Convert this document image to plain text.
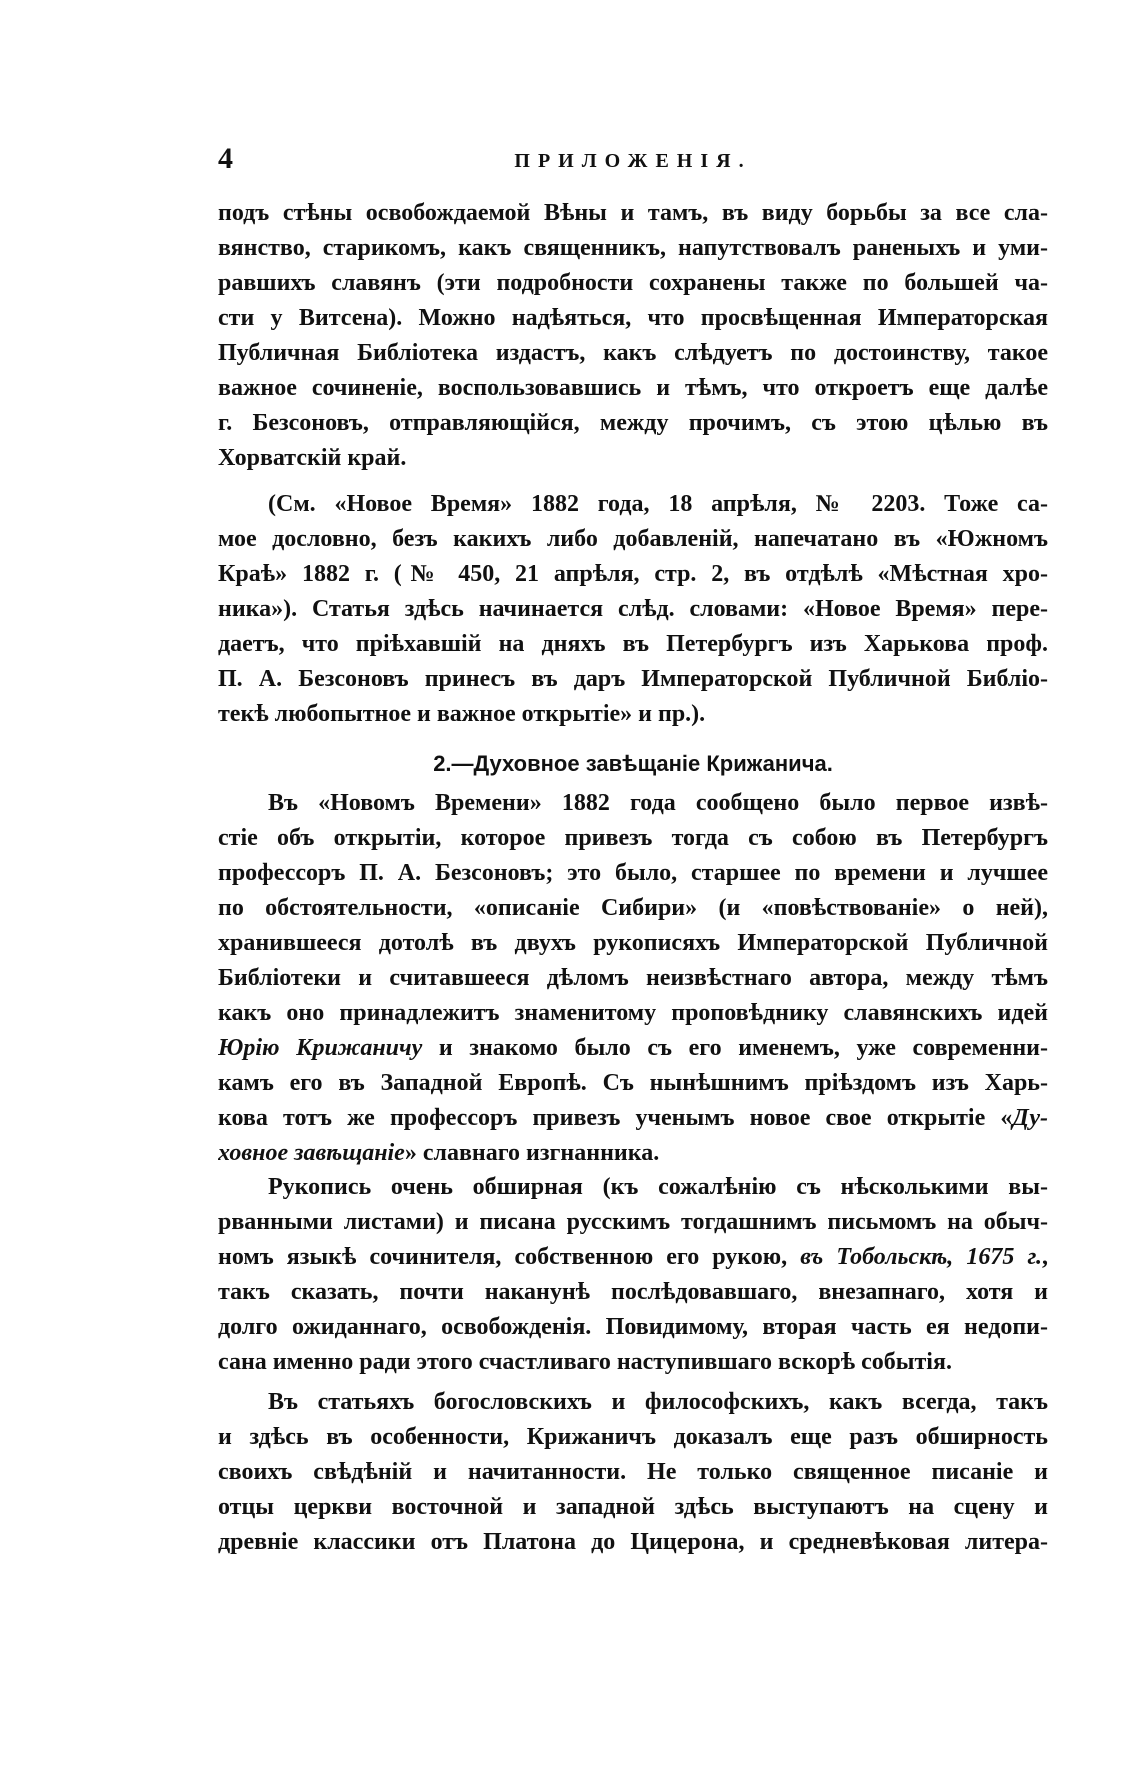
4	ПРИЛОЖЕНІЯ.
подъ стѣны освобождаемой Вѣны и тамъ, въ виду борьбы за все сла-
вянство, старикомъ, какъ священникъ, напутствовалъ раненыхъ и уми-
равшихъ славянъ (эти подробности сохранены также по большей ча-
сти у Витсена). Можно надѣяться, что просвѣщенная Императорская
Публичная Библіотека издастъ, какъ слѣдуетъ по достоинству, такое
важное сочиненіе, воспользовавшись и тѣмъ, что откроетъ еще далѣе
г. Безсоновъ, отправляющійся, между прочимъ, съ этою цѣлью въ
Хорватскій край.
(См. «Новое Время» 1882 года, 18 апрѣля, № 2203. Тоже са-
мое дословно, безъ какихъ либо добавленій, напечатано въ «Южномъ
Краѣ» 1882 г. (№ 450, 21 апрѣля, стр. 2, въ отдѣлѣ «Мѣстная хро-
ника»). Статья здѣсь начинается слѣд. словами: «Новое Время» пере-
даетъ, что пріѣхавшій на дняхъ въ Петербургъ изъ Харькова проф.
П. А. Безсоновъ принесъ въ даръ Императорской Публичной Библіо-
текѣ любопытное и важное открытіе» и пр.).
2.—Духовное завѣщаніе Крижанича.
Въ «Новомъ Времени» 1882 года сообщено было первое извѣ-
стіе объ открытіи, которое привезъ тогда съ собою въ Петербургъ
профессоръ П. А. Безсоновъ; это было, старшее по времени и лучшее
по обстоятельности, «описаніе Сибири» (и «повѣствованіе» о ней),
хранившееся дотолѣ въ двухъ рукописяхъ Императорской Публичной
Библіотеки и считавшееся дѣломъ неизвѣстнаго автора, между тѣмъ
какъ оно принадлежитъ знаменитому проповѣднику славянскихъ идей
Юрію Крижаничу и знакомо было съ его именемъ, уже современни-
камъ его въ Западной Европѣ. Съ нынѣшнимъ пріѣздомъ изъ Харь-
кова тотъ же профессоръ привезъ ученымъ новое свое открытіе «Ду-
ховное завѣщаніе» славнаго изгнанника.
Рукопись очень обширная (къ сожалѣнію съ нѣсколькими вы-
рванными листами) и писана русскимъ тогдашнимъ письмомъ на обыч-
номъ языкѣ сочинителя, собственною его рукою, въ Тобольскѣ, 1675 г.,
такъ сказать, почти наканунѣ послѣдовавшаго, внезапнаго, хотя и
долго ожиданнаго, освобожденія. Повидимому, вторая часть ея недопи-
сана именно ради этого счастливаго наступившаго вскорѣ событія.
Въ статьяхъ богословскихъ и философскихъ, какъ всегда, такъ
и здѣсь въ особенности, Крижаничъ доказалъ еще разъ обширность
своихъ свѣдѣній и начитанности. Не только священное писаніе и
отцы церкви восточной и западной здѣсь выступаютъ на сцену и
древніе классики отъ Платона до Цицерона, и средневѣковая литера-
